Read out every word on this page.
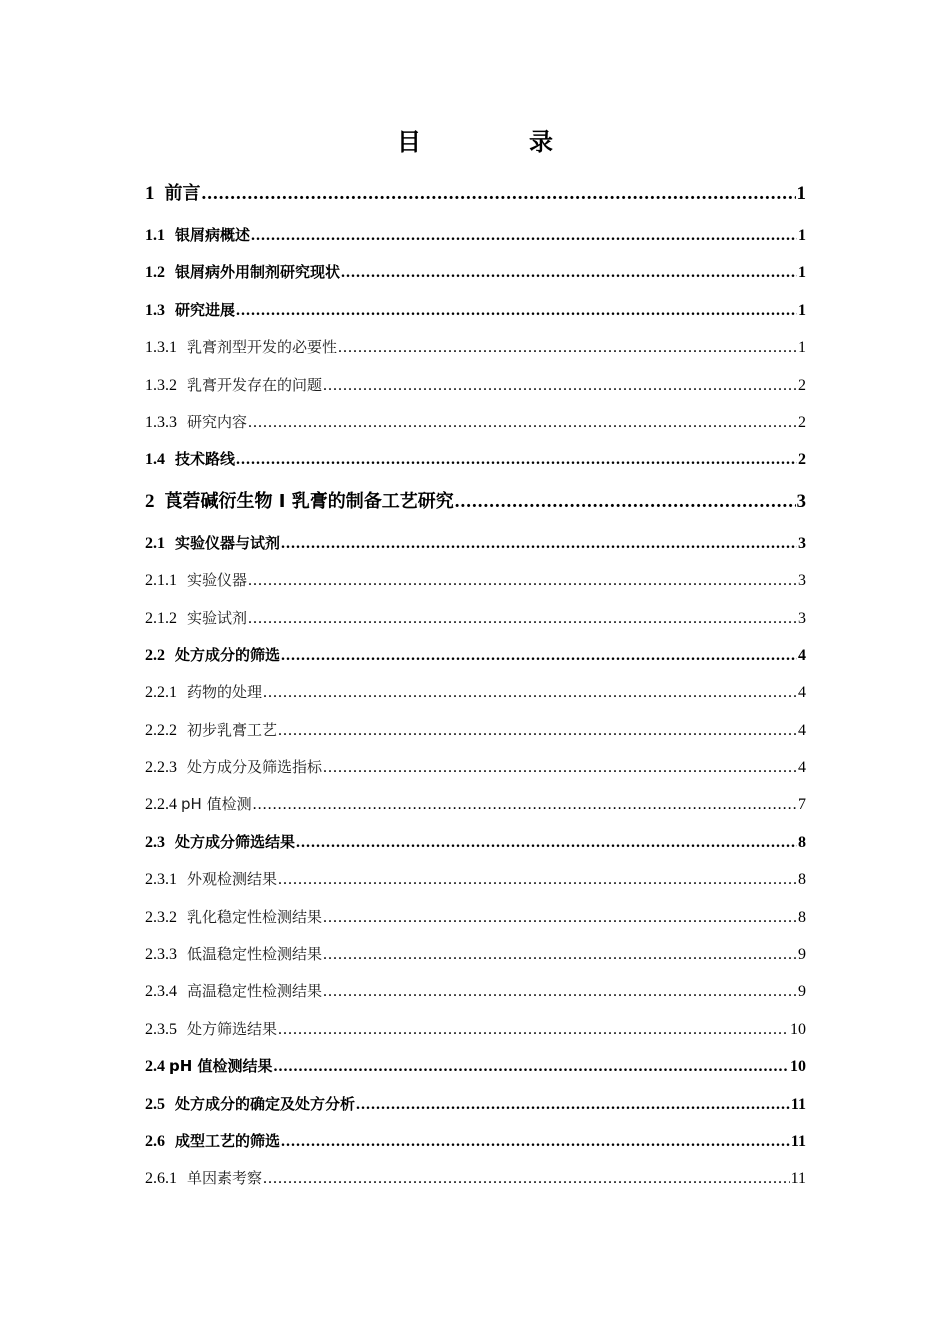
目　录
1 前言 .....	1
1.1 银屑病概述 .....	1
1.2 银屑病外用制剂研究现状 .....	1
1.3 研究进展 .....	1
1.3.1 乳膏剂型开发的必要性 .....	1
1.3.2 乳膏开发存在的问题 .....	2
1.3.3 研究内容 .....	2
1.4 技术路线 .....	2
2 莨菪碱衍生物 I 乳膏的制备工艺研究 .....	3
2.1 实验仪器与试剂 .....	3
2.1.1 实验仪器 .....	3
2.1.2 实验试剂 .....	3
2.2 处方成分的筛选 .....	4
2.2.1 药物的处理 .....	4
2.2.2 初步乳膏工艺 .....	4
2.2.3 处方成分及筛选指标 .....	4
2.2.4 pH 值检测 .....	7
2.3 处方成分筛选结果 .....	8
2.3.1 外观检测结果 .....	8
2.3.2 乳化稳定性检测结果 .....	8
2.3.3 低温稳定性检测结果 .....	9
2.3.4 高温稳定性检测结果 .....	9
2.3.5 处方筛选结果 .....	10
2.4 pH 值检测结果 .....	10
2.5 处方成分的确定及处方分析 .....	11
2.6 成型工艺的筛选 .....	11
2.6.1 单因素考察 .....	11
